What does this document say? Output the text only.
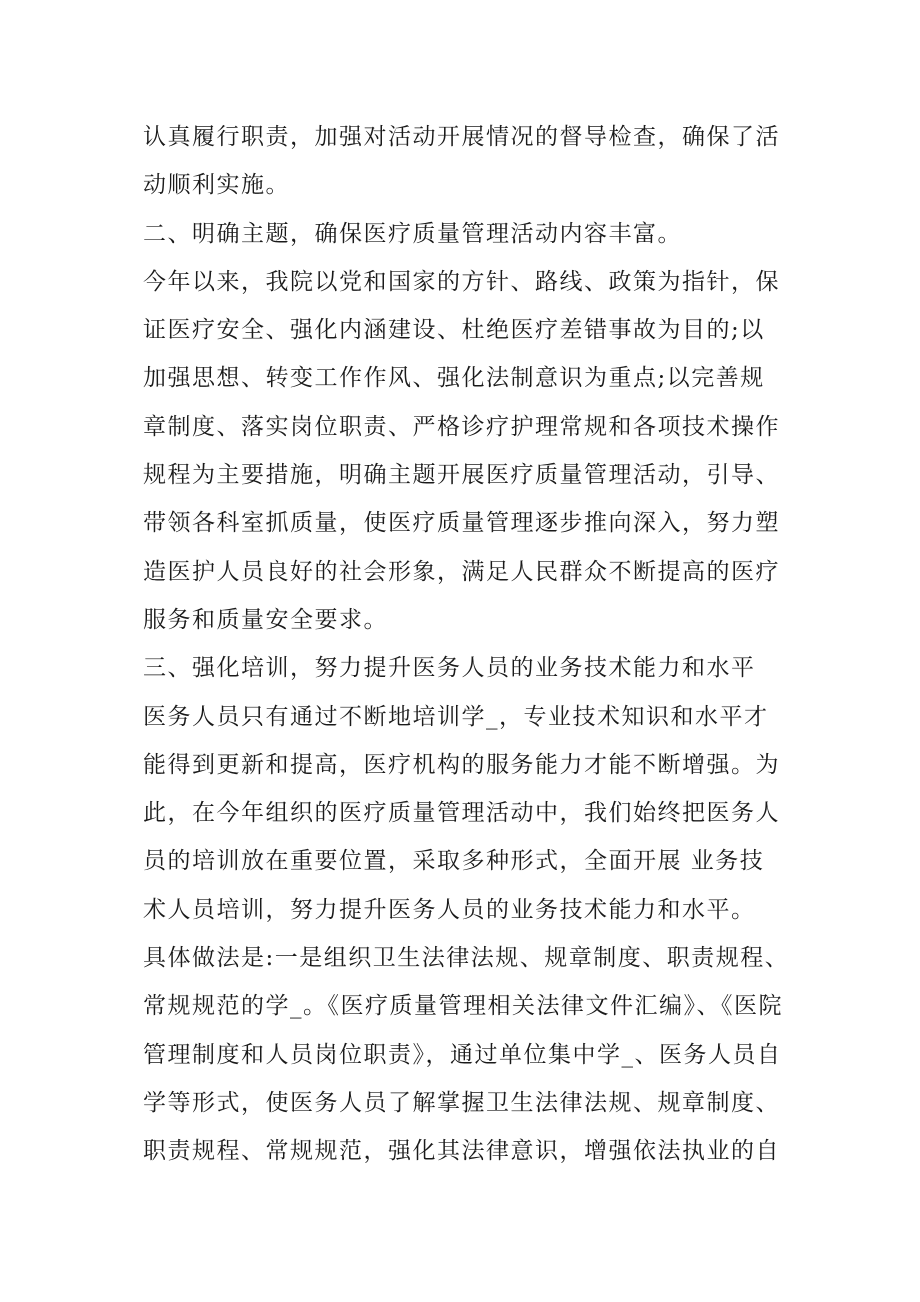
认真履行职责，加强对活动开展情况的督导检查，确保了活
动顺利实施。
二、明确主题，确保医疗质量管理活动内容丰富。
今年以来，我院以党和国家的方针、路线、政策为指针，保
证医疗安全、强化内涵建设、杜绝医疗差错事故为目的;以
加强思想、转变工作作风、强化法制意识为重点;以完善规
章制度、落实岗位职责、严格诊疗护理常规和各项技术操作
规程为主要措施，明确主题开展医疗质量管理活动，引导、
带领各科室抓质量，使医疗质量管理逐步推向深入，努力塑
造医护人员良好的社会形象，满足人民群众不断提高的医疗
服务和质量安全要求。
三、强化培训，努力提升医务人员的业务技术能力和水平
医务人员只有通过不断地培训学_，专业技术知识和水平才
能得到更新和提高，医疗机构的服务能力才能不断增强。为
此，在今年组织的医疗质量管理活动中，我们始终把医务人
员的培训放在重要位置，采取多种形式，全面开展 业务技
术人员培训，努力提升医务人员的业务技术能力和水平。
具体做法是:一是组织卫生法律法规、规章制度、职责规程、
常规规范的学_。《医疗质量管理相关法律文件汇编》、《医院
管理制度和人员岗位职责》，通过单位集中学_、医务人员自
学等形式，使医务人员了解掌握卫生法律法规、规章制度、
职责规程、常规规范，强化其法律意识，增强依法执业的自
